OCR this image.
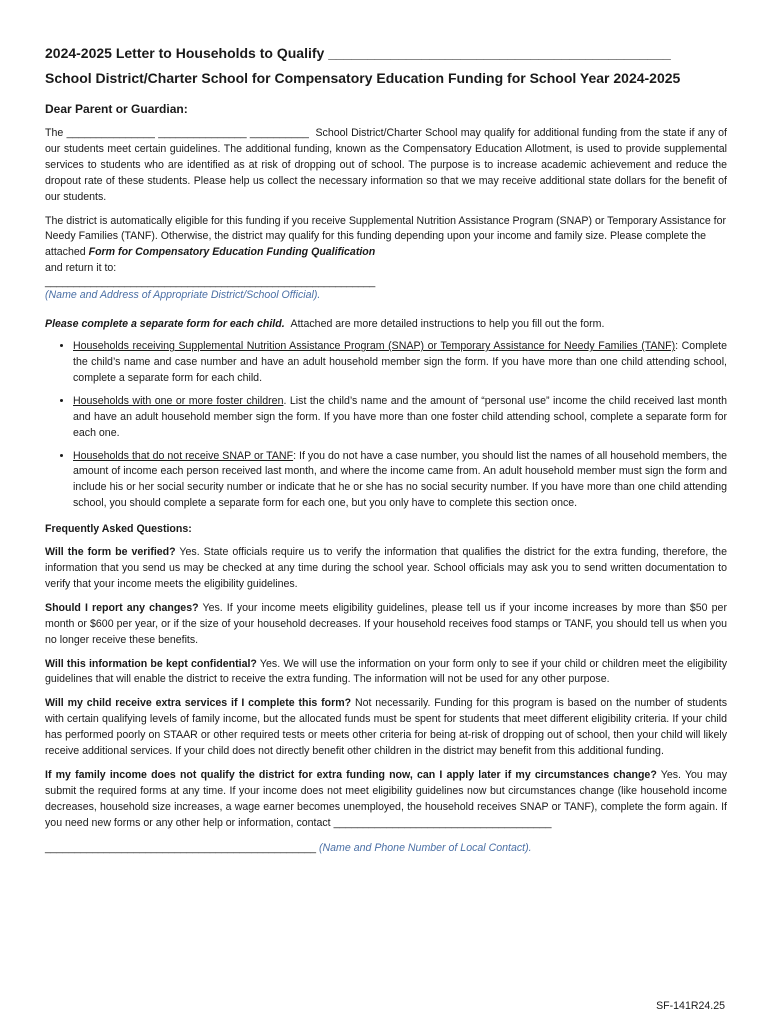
2024-2025 Letter to Households to Qualify ____________________________________________

School District/Charter School for Compensatory Education Funding for School Year 2024-2025

Dear Parent or Guardian:

The _______________ _______________ __________ School District/Charter School may qualify for additional funding from the state if any of our students meet certain guidelines. The additional funding, known as the Compensatory Education Allotment, is used to provide supplemental services to students who are identified as at risk of dropping out of school. The purpose is to increase academic achievement and reduce the dropout rate of these students. Please help us collect the necessary information so that we may receive additional state dollars for the benefit of our students.

The district is automatically eligible for this funding if you receive Supplemental Nutrition Assistance Program (SNAP) or Temporary Assistance for Needy Families (TANF). Otherwise, the district may qualify for this funding depending upon your income and family size. Please complete the attached Form for Compensatory Education Funding Qualification
and return it to:

__________________________________________________________
(Name and Address of Appropriate District/School Official).

Please complete a separate form for each child. Attached are more detailed instructions to help you fill out the form.

• Households receiving Supplemental Nutrition Assistance Program (SNAP) or Temporary Assistance for Needy Families (TANF): Complete the child’s name and case number and have an adult household member sign the form. If you have more than one child attending school, complete a separate form for each child.
• Households with one or more foster children. List the child’s name and the amount of “personal use” income the child received last month and have an adult household member sign the form. If you have more than one foster child attending school, complete a separate form for each one.
• Households that do not receive SNAP or TANF: If you do not have a case number, you should list the names of all household members, the amount of income each person received last month, and where the income came from. An adult household member must sign the form and include his or her social security number or indicate that he or she has no social security number. If you have more than one child attending school, you should complete a separate form for each one, but you only have to complete this section once.
Frequently Asked Questions:

Will the form be verified? Yes. State officials require us to verify the information that qualifies the district for the extra funding, therefore, the information that you send us may be checked at any time during the school year. School officials may ask you to send written documentation to verify that your income meets the eligibility guidelines.

Should I report any changes? Yes. If your income meets eligibility guidelines, please tell us if your income increases by more than $50 per month or $600 per year, or if the size of your household decreases. If your household receives food stamps or TANF, you should tell us when you no longer receive these benefits.

Will this information be kept confidential? Yes. We will use the information on your form only to see if your child or children meet the eligibility guidelines that will enable the district to receive the extra funding. The information will not be used for any other purpose.

Will my child receive extra services if I complete this form? Not necessarily. Funding for this program is based on the number of students with certain qualifying levels of family income, but the allocated funds must be spent for students that meet different eligibility criteria. If your child has performed poorly on STAAR or other required tests or meets other criteria for being at-risk of dropping out of school, then your child will likely receive additional services. If your child does not directly benefit other children in the district may benefit from this additional funding.

If my family income does not qualify the district for extra funding now, can I apply later if my circumstances change? Yes. You may submit the required forms at any time. If your income does not meet eligibility guidelines now but circumstances change (like household income decreases, household size increases, a wage earner becomes unemployed, the household receives SNAP or TANF), complete the form again. If you need new forms or any other help or information, contact _____________________________________

______________________________________________ (Name and Phone Number of Local Contact).
SF-141R24.25
